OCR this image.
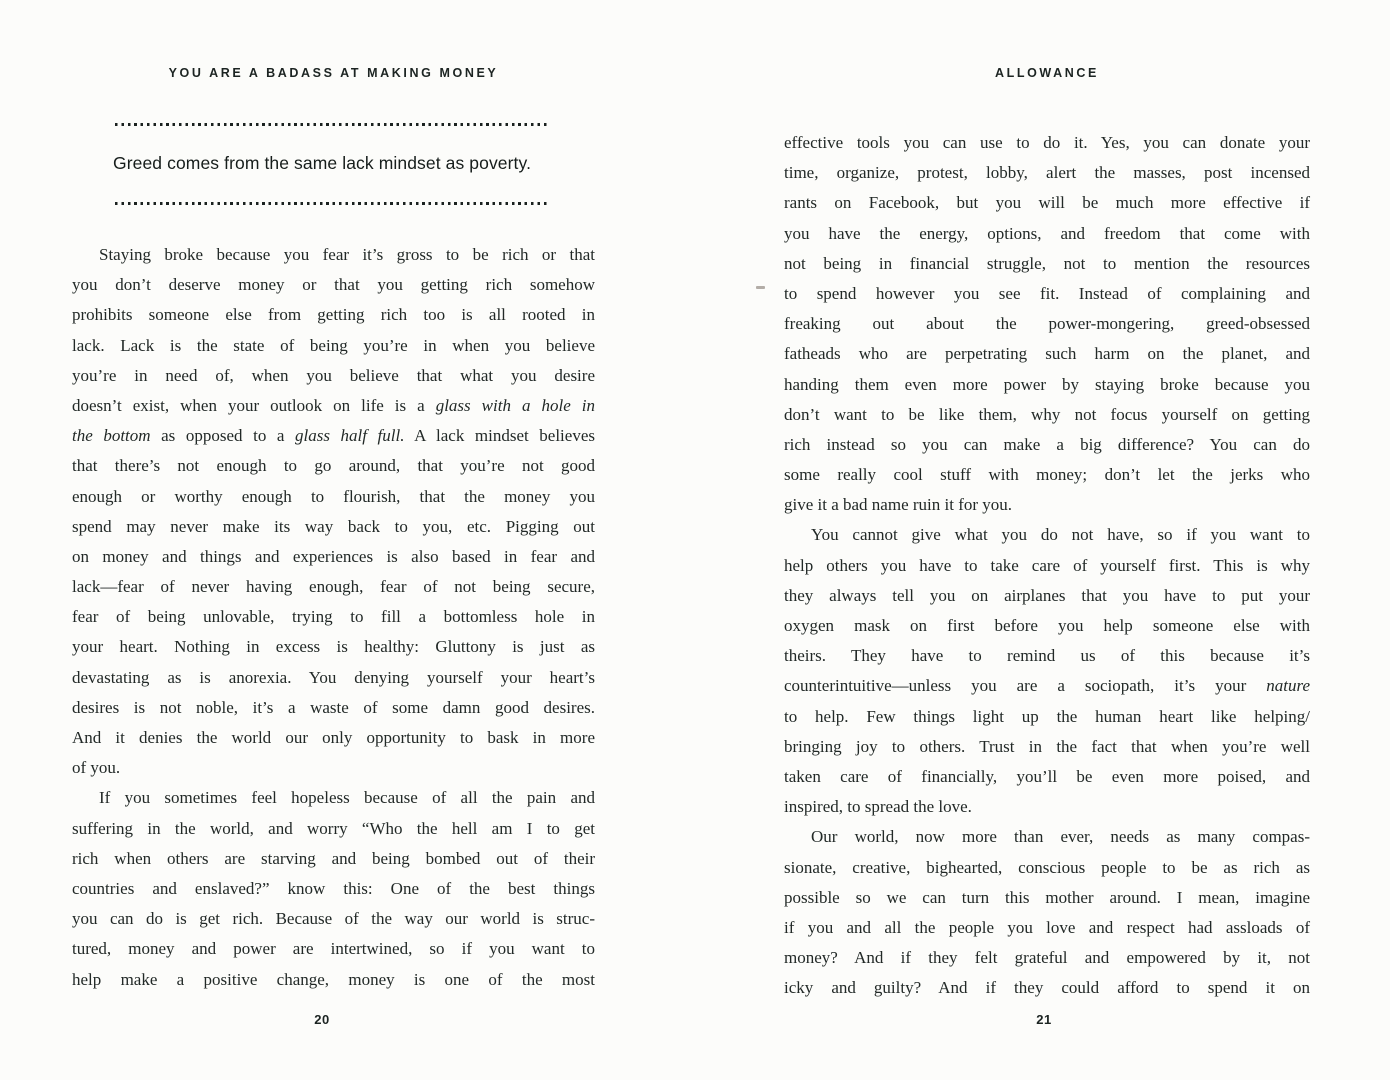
YOU ARE A BADASS AT MAKING MONEY
Greed comes from the same lack mindset as poverty.
Staying broke because you fear it’s gross to be rich or that
you don’t deserve money or that you getting rich somehow
prohibits someone else from getting rich too is all rooted in
lack. Lack is the state of being you’re in when you believe
you’re in need of, when you believe that what you desire
doesn’t exist, when your outlook on life is a glass with a hole in
the bottom as opposed to a glass half full. A lack mindset believes
that there’s not enough to go around, that you’re not good
enough or worthy enough to flourish, that the money you
spend may never make its way back to you, etc. Pigging out
on money and things and experiences is also based in fear and
lack—fear of never having enough, fear of not being secure,
fear of being unlovable, trying to fill a bottomless hole in
your heart. Nothing in excess is healthy: Gluttony is just as
devastating as is anorexia. You denying yourself your heart’s
desires is not noble, it’s a waste of some damn good desires.
And it denies the world our only opportunity to bask in more
of you.
If you sometimes feel hopeless because of all the pain and
suffering in the world, and worry “Who the hell am I to get
rich when others are starving and being bombed out of their
countries and enslaved?” know this: One of the best things
you can do is get rich. Because of the way our world is struc-
tured, money and power are intertwined, so if you want to
help make a positive change, money is one of the most
20
ALLOWANCE
effective tools you can use to do it. Yes, you can donate your
time, organize, protest, lobby, alert the masses, post incensed
rants on Facebook, but you will be much more effective if
you have the energy, options, and freedom that come with
not being in financial struggle, not to mention the resources
to spend however you see fit. Instead of complaining and
freaking out about the power-mongering, greed-obsessed
fatheads who are perpetrating such harm on the planet, and
handing them even more power by staying broke because you
don’t want to be like them, why not focus yourself on getting
rich instead so you can make a big difference? You can do
some really cool stuff with money; don’t let the jerks who
give it a bad name ruin it for you.
You cannot give what you do not have, so if you want to
help others you have to take care of yourself first. This is why
they always tell you on airplanes that you have to put your
oxygen mask on first before you help someone else with
theirs. They have to remind us of this because it’s
counterintuitive—unless you are a sociopath, it’s your nature
to help. Few things light up the human heart like helping/
bringing joy to others. Trust in the fact that when you’re well
taken care of financially, you’ll be even more poised, and
inspired, to spread the love.
Our world, now more than ever, needs as many compas-
sionate, creative, bighearted, conscious people to be as rich as
possible so we can turn this mother around. I mean, imagine
if you and all the people you love and respect had assloads of
money? And if they felt grateful and empowered by it, not
icky and guilty? And if they could afford to spend it on
21
